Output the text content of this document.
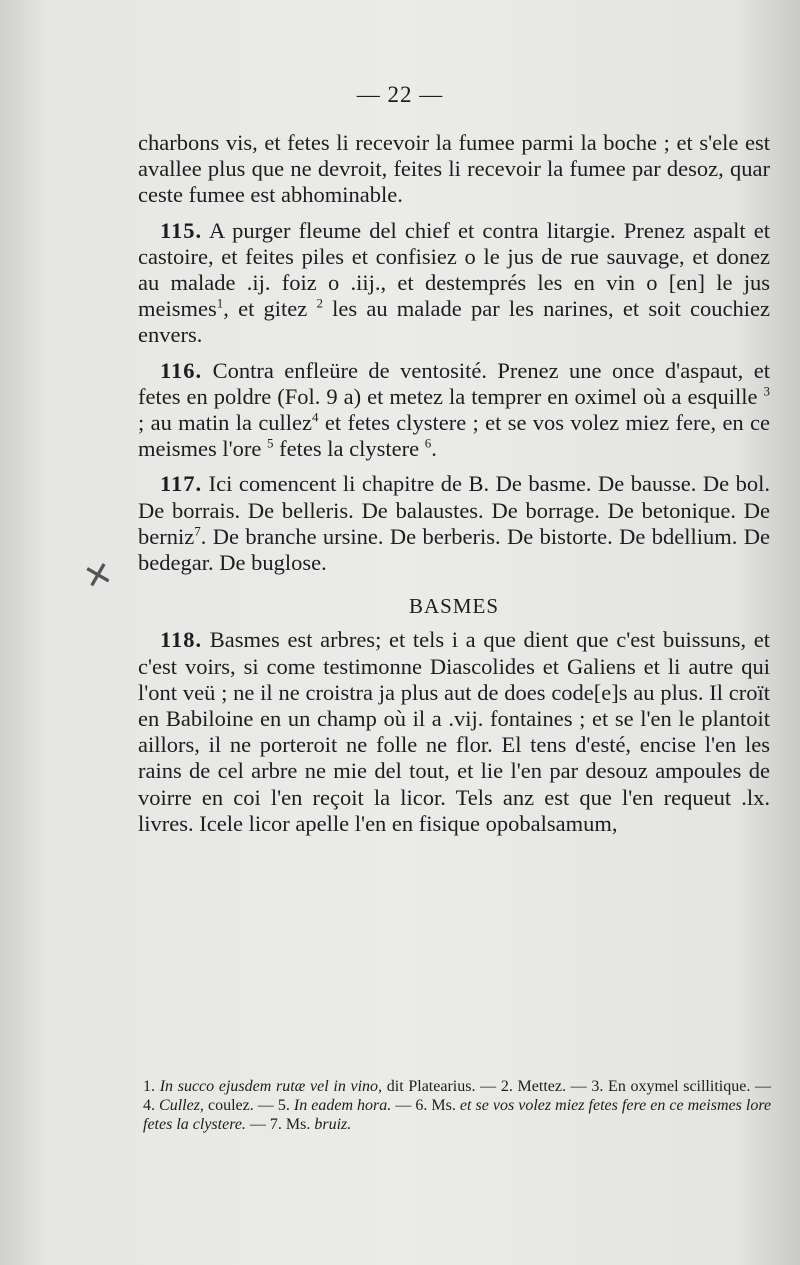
— 22 —
✕

charbons vis, et fetes li recevoir la fumee parmi la boche ; et s'ele est avallee plus que ne devroit, feites li recevoir la fumee par desoz, quar ceste fumee est abhominable.

115. A purger fleume del chief et contra litargie. Prenez aspalt et castoire, et feites piles et confisiez o le jus de rue sauvage, et donez au malade .ij. foiz o .iij., et destemprés les en vin o [en] le jus meismes$^1$, et gitez $^2$ les au malade par les narines, et soit couchiez envers.

116. Contra enfleüre de ventosité. Prenez une once d'aspaut, et fetes en poldre (Fol. 9 a) et metez la temprer en oximel où a esquille $^3$ ; au matin la cullez$^4$ et fetes clystere ; et se vos volez miez fere, en ce meismes l'ore $^5$ fetes la clystere $^6$.

117. Ici comencent li chapitre de B. De basme. De bausse. De bol. De borrais. De belleris. De balaustes. De borrage. De betonique. De berniz$^7$. De branche ursine. De berberis. De bistorte. De bdellium. De bedegar. De buglose.

BASMES

118. Basmes est arbres; et tels i a que dient que c'est buissuns, et c'est voirs, si come testimonne Diascolides et Galiens et li autre qui l'ont veü ; ne il ne croistra ja plus aut de does code[e]s au plus. Il croït en Babiloine en un champ où il a .vij. fontaines ; et se l'en le plantoit aillors, il ne porteroit ne folle ne flor. El tens d'esté, encise l'en les rains de cel arbre ne mie del tout, et lie l'en par desouz ampoules de voirre en coi l'en reçoit la licor. Tels anz est que l'en requeut .lx. livres. Icele licor apelle l'en en fisique opobalsamum,

1. In succo ejusdem rutæ vel in vino, dit Platearius. — 2. Mettez. — 3. En oxymel scillitique. — 4. Cullez, coulez. — 5. In eadem hora. — 6. Ms. et se vos volez miez fetes fere en ce meismes lore fetes la clystere. — 7. Ms. bruiz.
